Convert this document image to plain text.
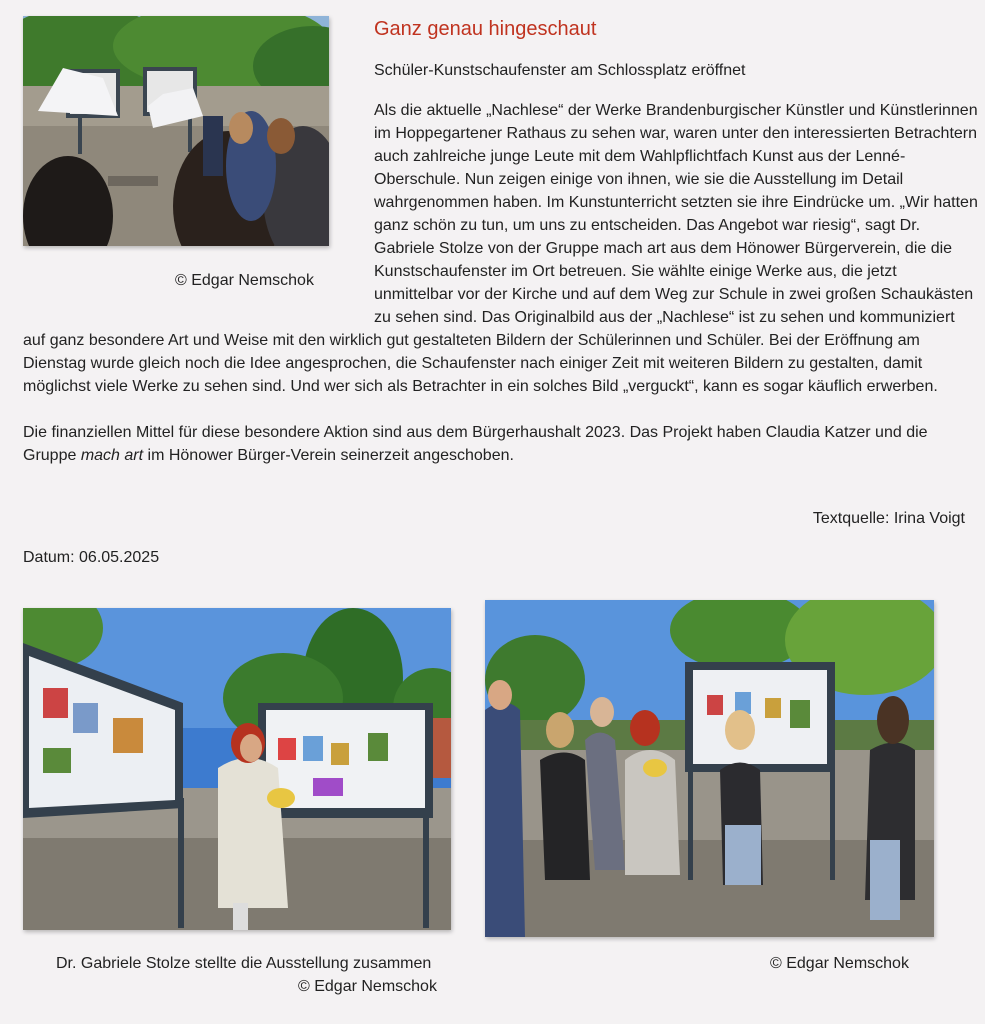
© Edgar Nemschok
Ganz genau hingeschaut

Schüler-Kunstschaufenster am Schlossplatz eröffnet

Als die aktuelle „Nachlese“ der Werke Brandenburgischer Künstler und Künstlerinnen im Hoppegartener Rathaus zu sehen war, waren unter den interessierten Betrachtern auch zahlreiche junge Leute mit dem Wahlpflichtfach Kunst aus der Lenné-Oberschule. Nun zeigen einige von ihnen, wie sie die Ausstellung im Detail wahrgenommen haben. Im Kunstunterricht setzten sie ihre Eindrücke um. „Wir hatten ganz schön zu tun, um uns zu entscheiden. Das Angebot war riesig“, sagt Dr. Gabriele Stolze von der Gruppe mach art aus dem Hönower Bürgerverein, die die Kunstschaufenster im Ort betreuen. Sie wählte einige Werke aus, die jetzt unmittelbar vor der Kirche und auf dem Weg zur Schule in zwei großen Schaukästen zu sehen sind. Das Originalbild aus der „Nachlese“ ist zu sehen und kommuniziert auf ganz besondere Art und Weise mit den wirklich gut gestalteten Bildern der Schülerinnen und Schüler. Bei der Eröffnung am Dienstag wurde gleich noch die Idee angesprochen, die Schaufenster nach einiger Zeit mit weiteren Bildern zu gestalten, damit möglichst viele Werke zu sehen sind. Und wer sich als Betrachter in ein solches Bild „verguckt“, kann es sogar käuflich erwerben.

Die finanziellen Mittel für diese besondere Aktion sind aus dem Bürgerhaushalt 2023. Das Projekt haben Claudia Katzer und die Gruppe mach art im Hönower Bürger-Verein seinerzeit angeschoben.

Textquelle: Irina Voigt
Datum: 06.05.2025
Dr. Gabriele Stolze stellte die Ausstellung zusammen
© Edgar Nemschok
© Edgar Nemschok
